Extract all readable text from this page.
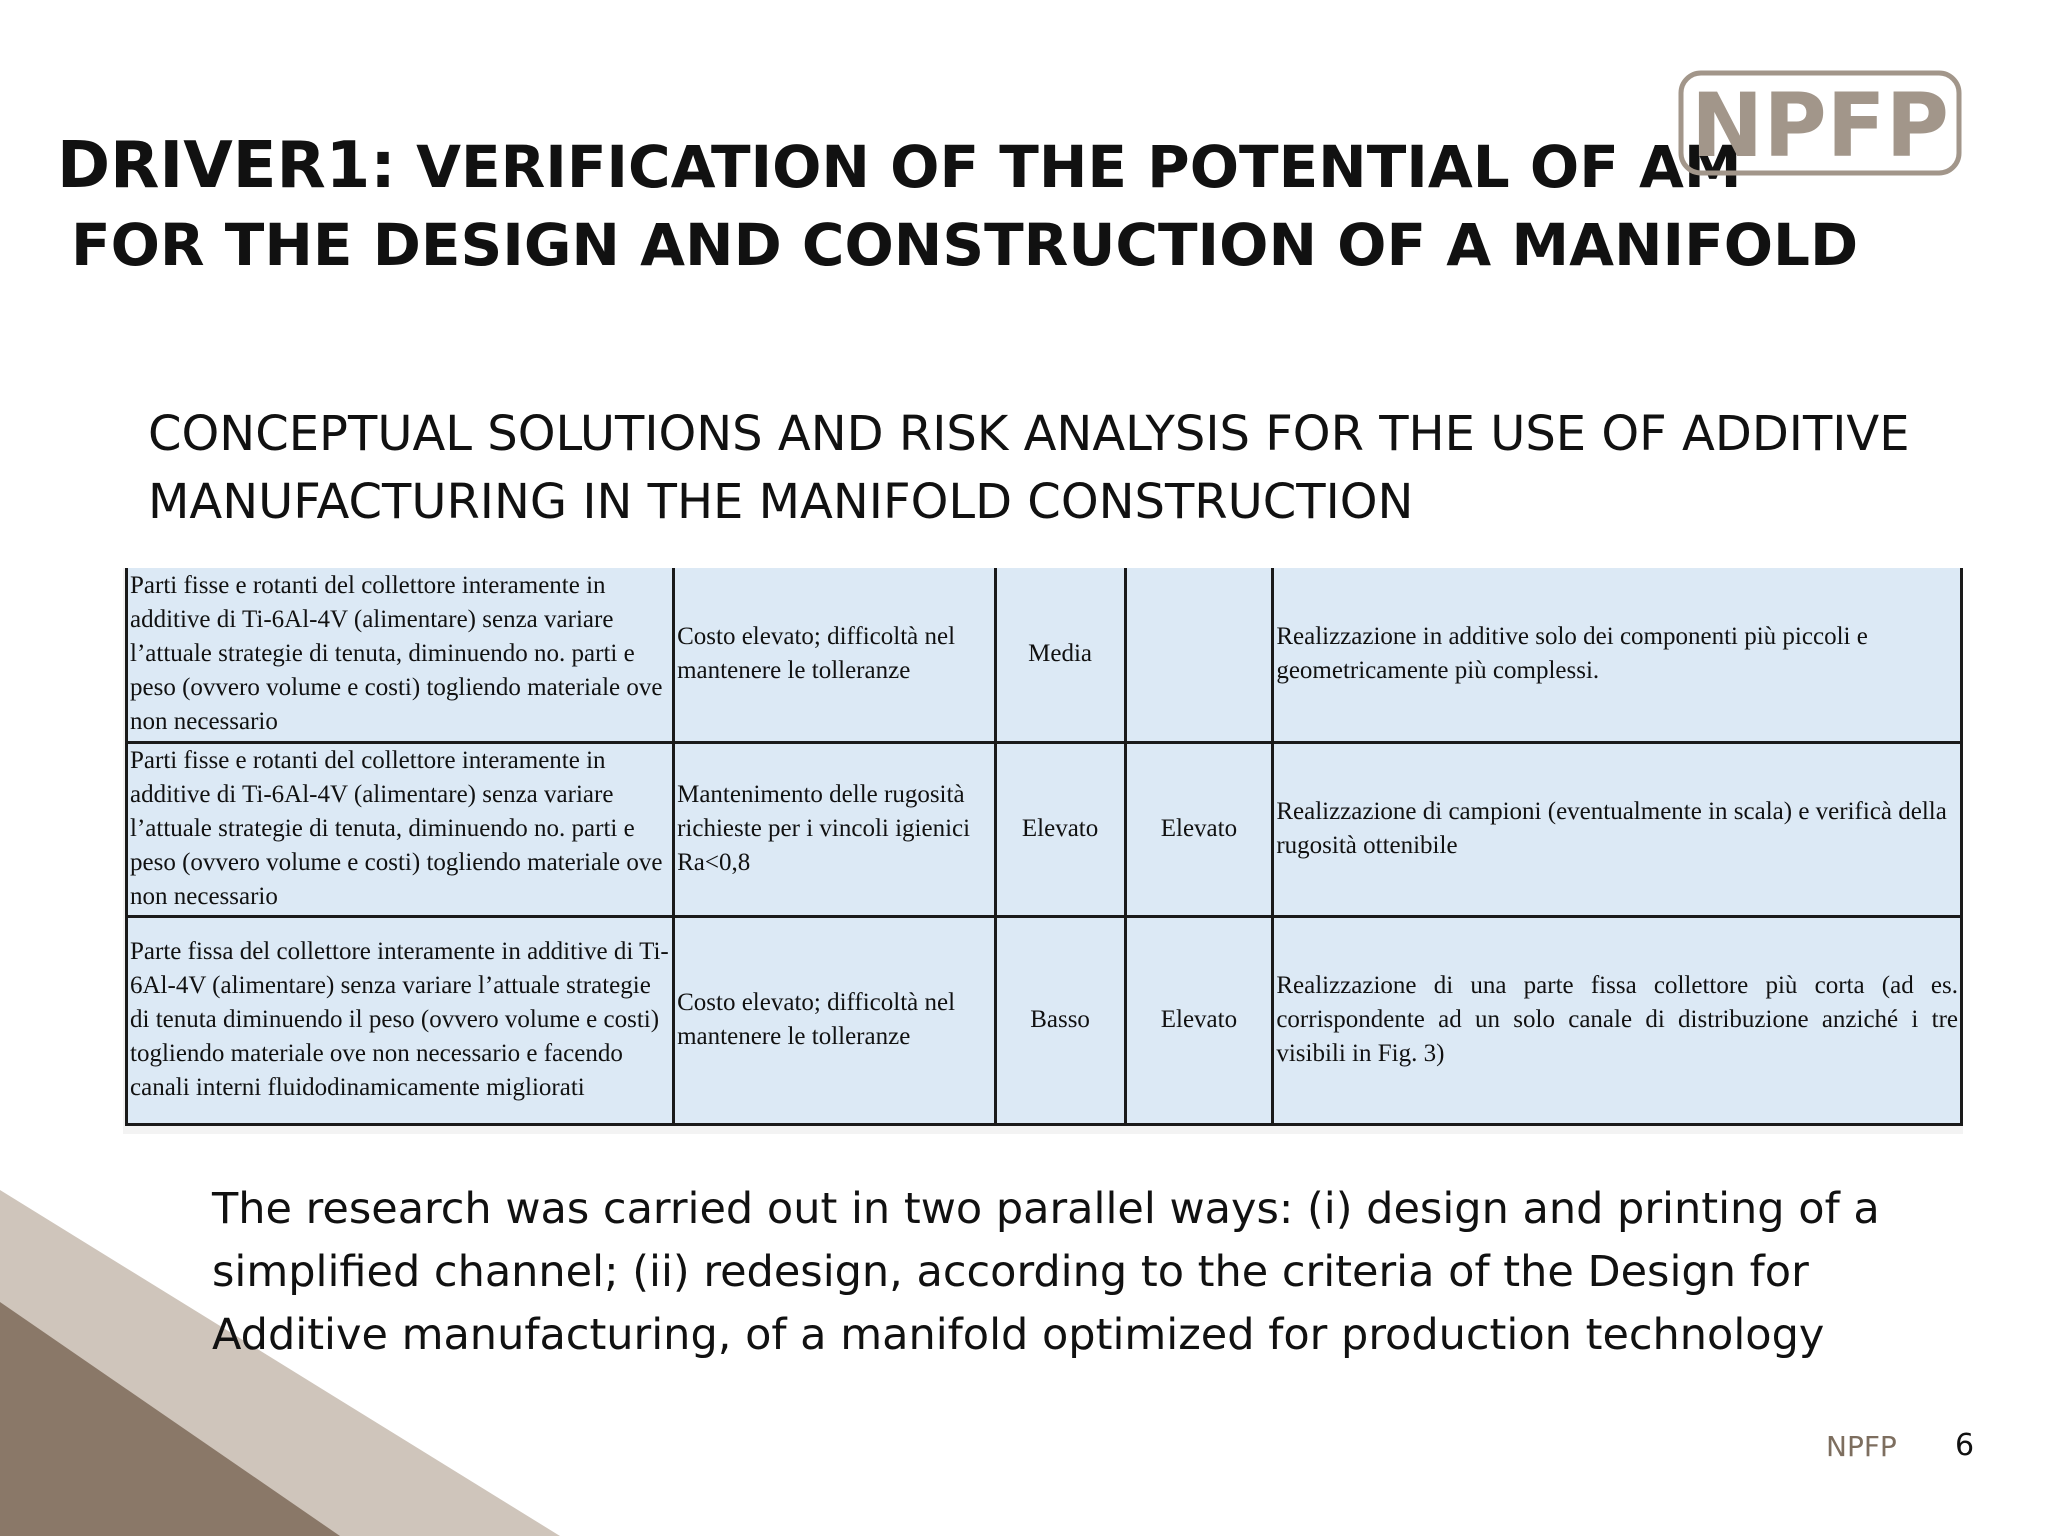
DRIVER1: VERIFICATION OF THE POTENTIAL OF AM
FOR THE DESIGN AND CONSTRUCTION OF A MANIFOLD
NPFP
CONCEPTUAL SOLUTIONS AND RISK ANALYSIS FOR THE USE OF ADDITIVE MANUFACTURING IN THE MANIFOLD CONSTRUCTION
Parti fisse e rotanti del collettore interamente in additive di Ti-6Al-4V (alimentare) senza variare l’attuale strategie di tenuta, diminuendo no. parti e peso (ovvero volume e costi) togliendo materiale ove non necessario	Costo elevato; difficoltà nel mantenere le tolleranze	Media		Realizzazione in additive solo dei componenti più piccoli e geometricamente più complessi.
Parti fisse e rotanti del collettore interamente in additive di Ti-6Al-4V (alimentare) senza variare l’attuale strategie di tenuta, diminuendo no. parti e peso (ovvero volume e costi) togliendo materiale ove non necessario	Mantenimento delle rugosità richieste per i vincoli igienici Ra<0,8	Elevato	Elevato	Realizzazione di campioni (eventualmente in scala) e verificà della rugosità ottenibile
Parte fissa del collettore interamente in additive di Ti-6Al-4V (alimentare) senza variare l’attuale strategie di tenuta diminuendo il peso (ovvero volume e costi) togliendo materiale ove non necessario e facendo canali interni fluidodinamicamente migliorati	Costo elevato; difficoltà nel mantenere le tolleranze	Basso	Elevato	Realizzazione di una parte fissa collettore più corta (ad es. corrispondente ad un solo canale di distribuzione anziché i tre visibili in Fig. 3)
The research was carried out in two parallel ways: (i) design and printing of a simplified channel; (ii) redesign, according to the criteria of the Design for Additive manufacturing, of a manifold optimized for production technology
NPFP 6
